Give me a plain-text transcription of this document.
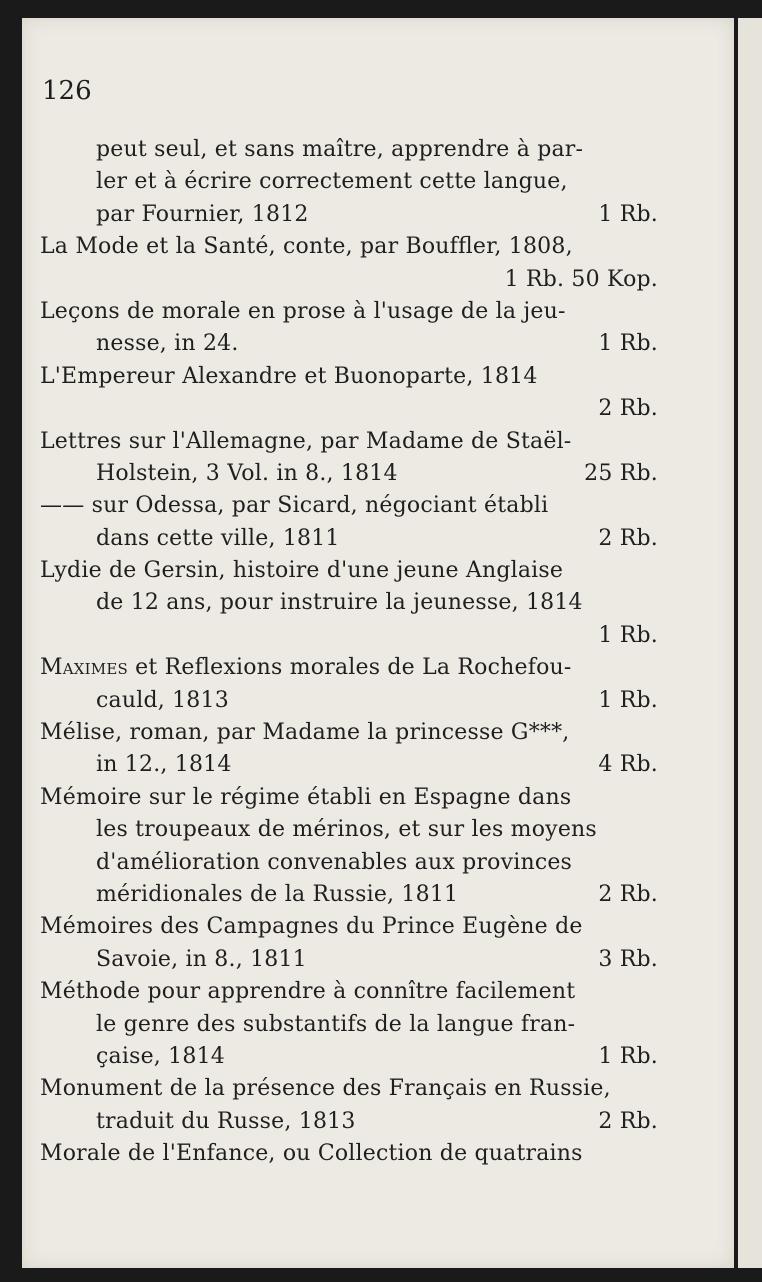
126
peut seul, et sans maître, apprendre à par-
ler et à écrire correctement cette langue,
par Fournier, 1812	1 Rb.
La Mode et la Santé, conte, par Boufﬂer, 1808,
1 Rb. 50 Kop.
Leçons de morale en prose à l'usage de la jeu-
nesse, in 24.	1 Rb.
L'Empereur Alexandre et Buonoparte, 1814
2 Rb.
Lettres sur l'Allemagne, par Madame de Staël-
Holstein, 3 Vol. in 8., 1814	25 Rb.
—— sur Odessa, par Sicard, négociant établi
dans cette ville, 1811	2 Rb.
Lydie de Gersin, histoire d'une jeune Anglaise
de 12 ans, pour instruire la jeunesse, 1814
1 Rb.
Maximes et Reflexions morales de La Rochefou-
cauld, 1813	1 Rb.
Mélise, roman, par Madame la princesse G***,
in 12., 1814	4 Rb.
Mémoire sur le régime établi en Espagne dans
les troupeaux de mérinos, et sur les moyens
d'amélioration convenables aux provinces
méridionales de la Russie, 1811	2 Rb.
Mémoires des Campagnes du Prince Eugène de
Savoie, in 8., 1811	3 Rb.
Méthode pour apprendre à connître facilement
le genre des substantifs de la langue fran-
çaise, 1814	1 Rb.
Monument de la présence des Français en Russie,
traduit du Russe, 1813	2 Rb.
Morale de l'Enfance, ou Collection de quatrains
